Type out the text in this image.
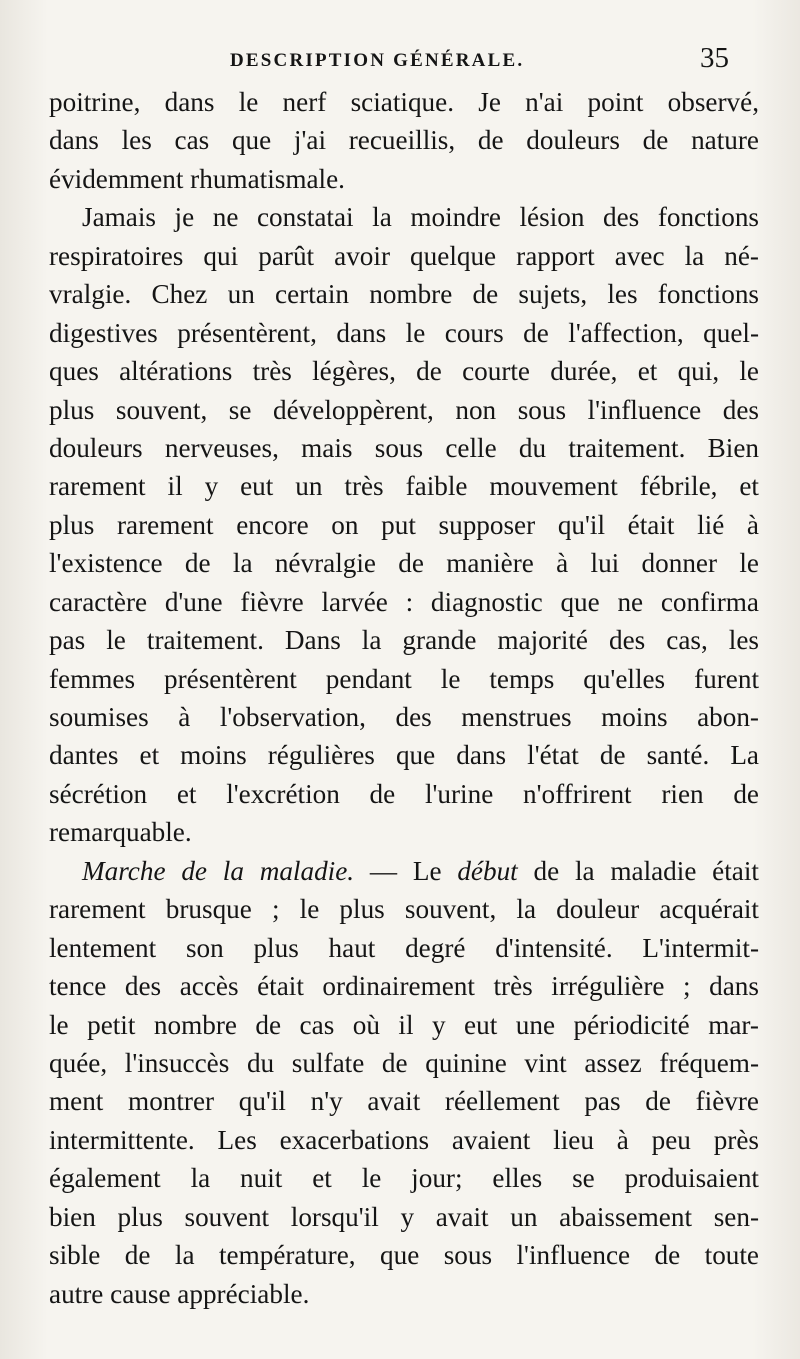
DESCRIPTION GÉNÉRALE.	35
poitrine, dans le nerf sciatique. Je n'ai point observé,
dans les cas que j'ai recueillis, de douleurs de nature
évidemment rhumatismale.
Jamais je ne constatai la moindre lésion des fonctions
respiratoires qui parût avoir quelque rapport avec la né-
vralgie. Chez un certain nombre de sujets, les fonctions
digestives présentèrent, dans le cours de l'affection, quel-
ques altérations très légères, de courte durée, et qui, le
plus souvent, se développèrent, non sous l'influence des
douleurs nerveuses, mais sous celle du traitement. Bien
rarement il y eut un très faible mouvement fébrile, et
plus rarement encore on put supposer qu'il était lié à
l'existence de la névralgie de manière à lui donner le
caractère d'une fièvre larvée : diagnostic que ne confirma
pas le traitement. Dans la grande majorité des cas, les
femmes présentèrent pendant le temps qu'elles furent
soumises à l'observation, des menstrues moins abon-
dantes et moins régulières que dans l'état de santé. La
sécrétion et l'excrétion de l'urine n'offrirent rien de
remarquable.
Marche de la maladie. — Le début de la maladie était
rarement brusque ; le plus souvent, la douleur acquérait
lentement son plus haut degré d'intensité. L'intermit-
tence des accès était ordinairement très irrégulière ; dans
le petit nombre de cas où il y eut une périodicité mar-
quée, l'insuccès du sulfate de quinine vint assez fréquem-
ment montrer qu'il n'y avait réellement pas de fièvre
intermittente. Les exacerbations avaient lieu à peu près
également la nuit et le jour; elles se produisaient
bien plus souvent lorsqu'il y avait un abaissement sen-
sible de la température, que sous l'influence de toute
autre cause appréciable.
